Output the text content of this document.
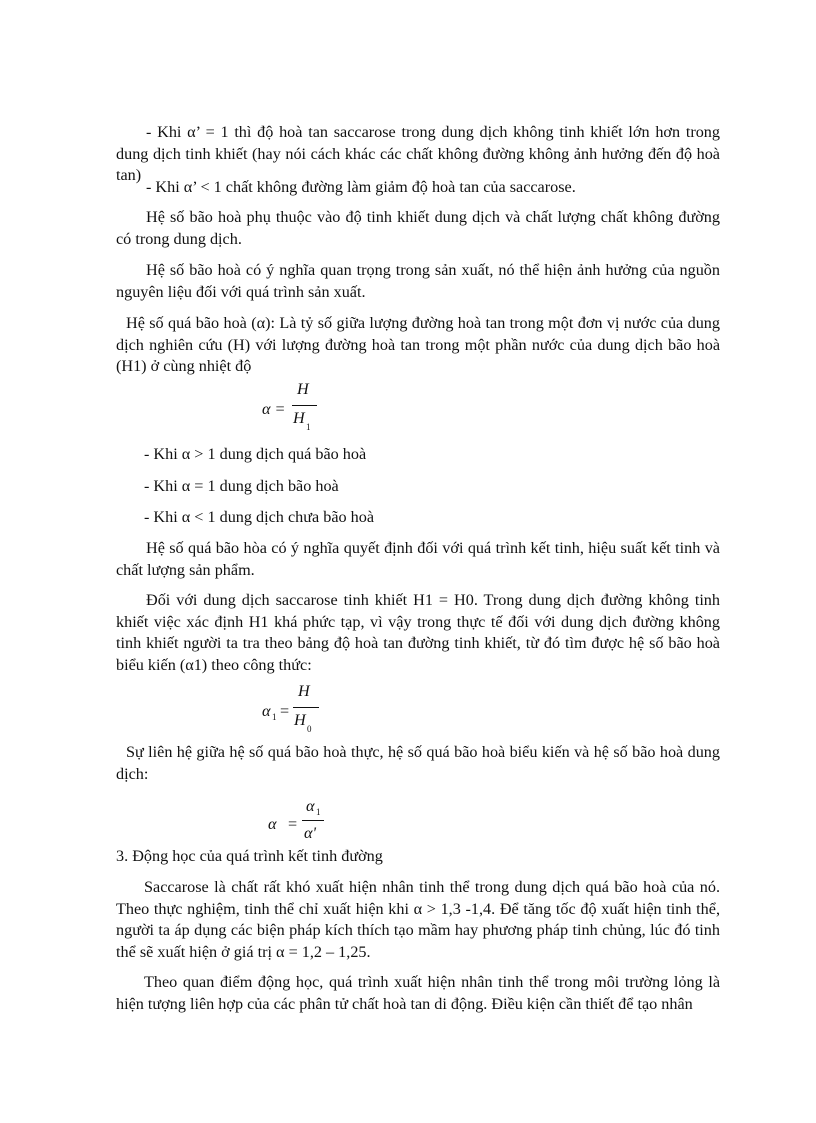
- Khi α’ = 1 thì độ hoà tan saccarose trong dung dịch không tinh khiết lớn hơn trong dung dịch tinh khiết (hay nói cách khác các chất không đường không ảnh hưởng đến độ hoà tan)

- Khi α’ < 1 chất không đường làm giảm độ hoà tan của saccarose.

Hệ số bão hoà phụ thuộc vào độ tinh khiết dung dịch và chất lượng chất không đường có trong dung dịch.

Hệ số bão hoà có ý nghĩa quan trọng trong sản xuất, nó thể hiện ảnh hưởng của nguồn nguyên liệu đối với quá trình sản xuất.

Hệ số quá bão hoà (α): Là tỷ số giữa lượng đường hoà tan trong một đơn vị nước của dung dịch nghiên cứu (H) với lượng đường hoà tan trong một phần nước của dung dịch bão hoà (H1) ở cùng nhiệt độ

α =
H
H 1

- Khi α > 1 dung dịch quá bão hoà

- Khi α = 1 dung dịch bão hoà

- Khi α < 1 dung dịch chưa bão hoà

Hệ số quá bão hòa có ý nghĩa quyết định đối với quá trình kết tinh, hiệu suất kết tinh và chất lượng sản phẩm.

Đối với dung dịch saccarose tinh khiết H1 = H0. Trong dung dịch đường không tinh khiết việc xác định H1 khá phức tạp, vì vậy trong thực tế đối với dung dịch đường không tinh khiết người ta tra theo bảng độ hoà tan đường tinh khiết, từ đó tìm được hệ số bão hoà biểu kiến (α1) theo công thức:

α 1 =
H
H 0

Sự liên hệ giữa hệ số quá bão hoà thực, hệ số quá bão hoà biểu kiến và hệ số bão hoà dung dịch:

α =
α 1
α'

3. Động học của quá trình kết tinh đường

Saccarose là chất rất khó xuất hiện nhân tinh thể trong dung dịch quá bão hoà của nó. Theo thực nghiệm, tinh thể chỉ xuất hiện khi α > 1,3 -1,4. Để tăng tốc độ xuất hiện tinh thể, người ta áp dụng các biện pháp kích thích tạo mầm hay phương pháp tinh chủng, lúc đó tinh thể sẽ xuất hiện ở giá trị α = 1,2 – 1,25.

Theo quan điểm động học, quá trình xuất hiện nhân tinh thể trong môi trường lỏng là hiện tượng liên hợp của các phân tử chất hoà tan di động. Điều kiện cần thiết để tạo nhân
